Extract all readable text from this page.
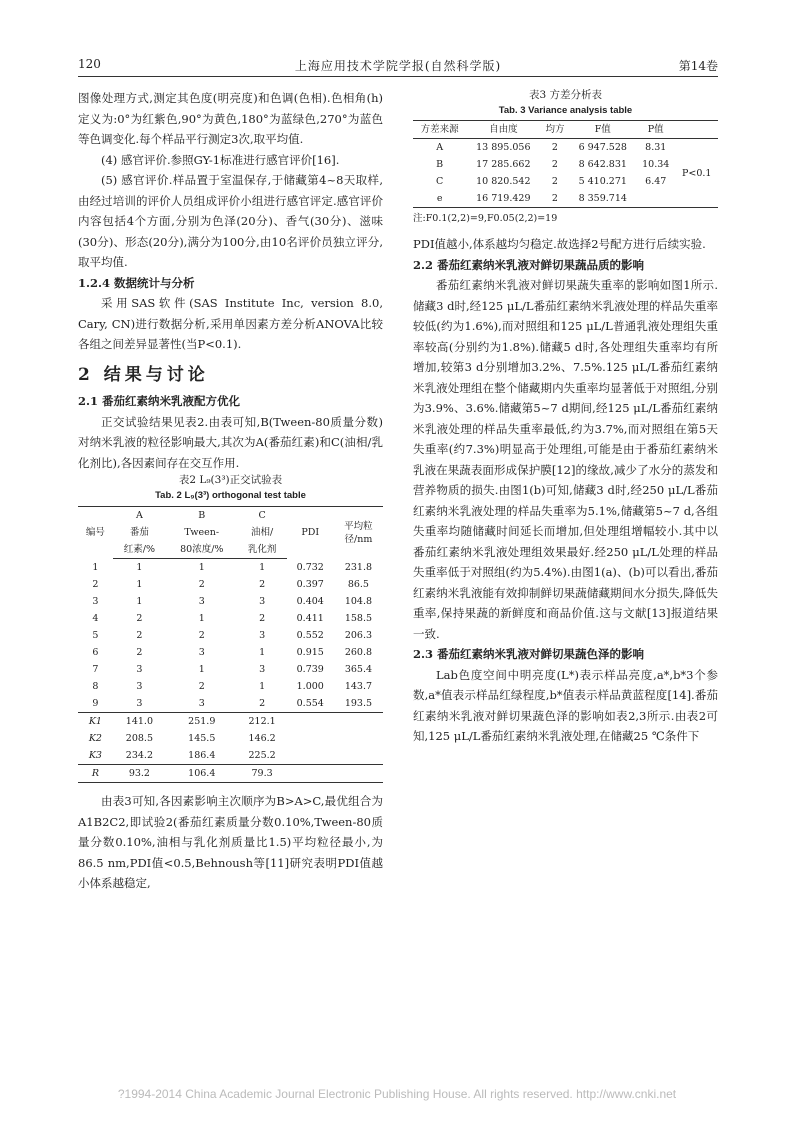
120	上海应用技术学院学报(自然科学版)	第14卷

图像处理方式,测定其色度(明亮度)和色调(色相).色相角(h)定义为:0°为红紫色,90°为黄色,180°为蓝绿色,270°为蓝色等色调变化.每个样品平行测定3次,取平均值.

(4) 感官评价.参照GY-1标准进行感官评价[16].

(5) 感官评价.样品置于室温保存,于储藏第4~8天取样,由经过培训的评价人员组成评价小组进行感官评定.感官评价内容包括4个方面,分别为色泽(20分)、香气(30分)、滋味(30分)、形态(20分),满分为100分,由10名评价员独立评分,取平均值.

1.2.4 数据统计与分析

采用SAS软件(SAS Institute Inc, version 8.0, Cary, CN)进行数据分析,采用单因素方差分析ANOVA比较各组之间差异显著性(当P<0.1).

2 结果与讨论

2.1 番茄红素纳米乳液配方优化

正交试验结果见表2.由表可知,B(Tween-80质量分数)对纳米乳液的粒径影响最大,其次为A(番茄红素)和C(油相/乳化剂比),各因素间存在交互作用.

表2 L₉(3³)正交试验表

Tab. 2 L₉(3³) orthogonal test table

编号	A	B	C	PDI	平均粒
径/nm
	番茄	Tween-	油相/		
	红素/%	80浓度/%	乳化剂		
1	1	1	1	0.732	231.8
2	1	2	2	0.397	86.5
3	1	3	3	0.404	104.8
4	2	1	2	0.411	158.5
5	2	2	3	0.552	206.3
6	2	3	1	0.915	260.8
7	3	1	3	0.739	365.4
8	3	2	1	1.000	143.7
9	3	3	2	0.554	193.5
K1	141.0	251.9	212.1		
K2	208.5	145.5	146.2		
K3	234.2	186.4	225.2		
R	93.2	106.4	79.3		

由表3可知,各因素影响主次顺序为B>A>C,最优组合为A1B2C2,即试验2(番茄红素质量分数0.10%,Tween-80质量分数0.10%,油相与乳化剂质量比1.5)平均粒径最小,为86.5 nm,PDI值<0.5,Behnoush等[11]研究表明PDI值越小体系越稳定,

表3 方差分析表

Tab. 3 Variance analysis table

方差来源	自由度	均方	F值	P值	
A	13 895.056	2	6 947.528	8.31	P<0.1
B	17 285.662	2	8 642.831	10.34	
C	10 820.542	2	5 410.271	6.47	
e	16 719.429	2	8 359.714		

注:F0.1(2,2)=9,F0.05(2,2)=19

PDI值越小,体系越均匀稳定.故选择2号配方进行后续实验.

2.2 番茄红素纳米乳液对鲜切果蔬品质的影响

番茄红素纳米乳液对鲜切果蔬失重率的影响如图1所示.储藏3 d时,经125 μL/L番茄红素纳米乳液处理的样品失重率较低(约为1.6%),而对照组和125 μL/L普通乳液处理组失重率较高(分别约为1.8%).储藏5 d时,各处理组失重率均有所增加,较第3 d分别增加3.2%、7.5%.125 μL/L番茄红素纳米乳液处理组在整个储藏期内失重率均显著低于对照组,分别为3.9%、3.6%.储藏第5~7 d期间,经125 μL/L番茄红素纳米乳液处理的样品失重率最低,约为3.7%,而对照组在第5天失重率(约7.3%)明显高于处理组,可能是由于番茄红素纳米乳液在果蔬表面形成保护膜[12]的缘故,减少了水分的蒸发和营养物质的损失.由图1(b)可知,储藏3 d时,经250 μL/L番茄红素纳米乳液处理的样品失重率为5.1%,储藏第5~7 d,各组失重率均随储藏时间延长而增加,但处理组增幅较小.其中以番茄红素纳米乳液处理组效果最好.经250 μL/L处理的样品失重率低于对照组(约为5.4%).由图1(a)、(b)可以看出,番茄红素纳米乳液能有效抑制鲜切果蔬储藏期间水分损失,降低失重率,保持果蔬的新鲜度和商品价值.这与文献[13]报道结果一致.

2.3 番茄红素纳米乳液对鲜切果蔬色泽的影响

Lab色度空间中明亮度(L*)表示样品亮度,a*,b*3个参数,a*值表示样品红绿程度,b*值表示样品黄蓝程度[14].番茄红素纳米乳液对鲜切果蔬色泽的影响如表2,3所示.由表2可知,125 μL/L番茄红素纳米乳液处理,在储藏25 ℃条件下

?1994-2014 China Academic Journal Electronic Publishing House. All rights reserved. http://www.cnki.net
